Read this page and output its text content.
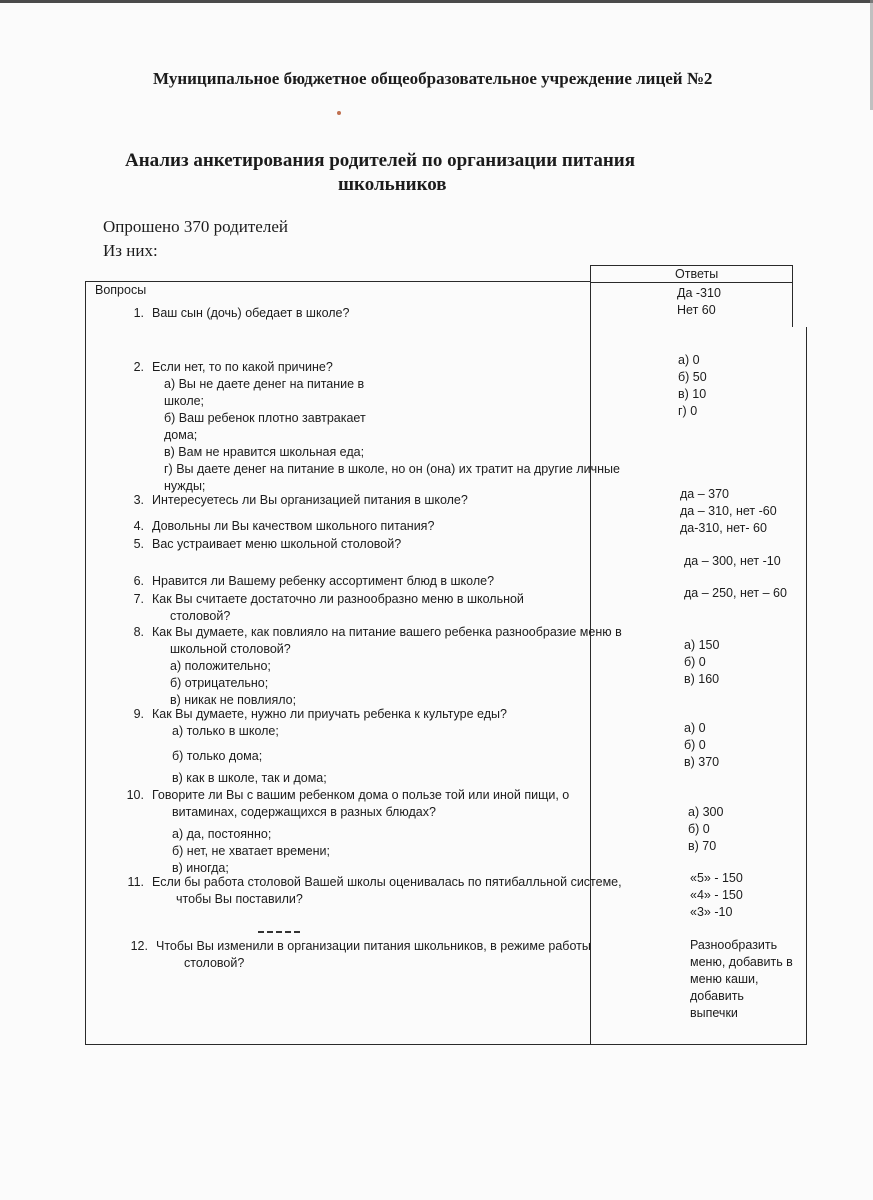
Муниципальное бюджетное общеобразовательное учреждение лицей №2
Анализ анкетирования родителей по организации питания
школьников
Опрошено 370 родителей
Из них:
Вопросы
Ответы
1. Ваш сын (дочь) обедает в школе?
2. Если нет, то по какой причине?
а) Вы не даете денег на питание в
школе;
б) Ваш ребенок плотно завтракает
дома;
в) Вам не нравится школьная еда;
г) Вы даете денег на питание в школе, но он (она) их тратит на другие личные
нужды;
3. Интересуетесь ли Вы организацией питания в школе?
4. Довольны ли Вы качеством школьного питания?
5. Вас устраивает меню школьной столовой?
6. Нравится ли Вашему ребенку ассортимент блюд в школе?
7. Как Вы считаете достаточно ли разнообразно меню в школьной
столовой?
8. Как Вы думаете, как повлияло на питание вашего ребенка разнообразие меню в
школьной столовой?
а) положительно;
б) отрицательно;
в) никак не повлияло;
9. Как Вы думаете, нужно ли приучать ребенка к культуре еды?
а) только в школе;
б) только дома;
в) как в школе, так и дома;
10. Говорите ли Вы с вашим ребенком дома о пользе той или иной пищи, о
витаминах, содержащихся в разных блюдах?
а) да, постоянно;
б) нет, не хватает времени;
в) иногда;
11. Если бы работа столовой Вашей школы оценивалась по пятибалльной системе,
чтобы Вы поставили?
12. Чтобы Вы изменили в организации питания школьников, в режиме работы
столовой?
Да -310
Нет 60
а) 0
б) 50
в) 10
г) 0
да – 370
да – 310, нет -60
да-310, нет- 60
да – 300, нет -10
да – 250, нет – 60
а) 150
б) 0
в) 160
а) 0
б) 0
в) 370
а) 300
б) 0
в) 70
«5» - 150
«4» - 150
«3» -10
Разнообразить
меню, добавить в
меню каши,
добавить
выпечки
